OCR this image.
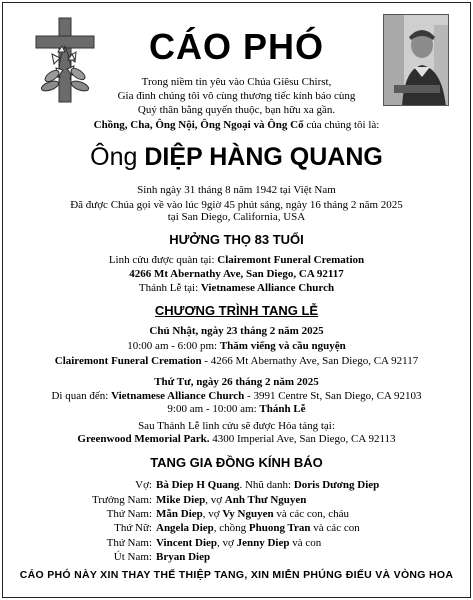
CÁO PHÓ
Trong niềm tin yêu vào Chúa Giêsu Chirst,
Gia đình chúng tôi vô cùng thương tiếc kính báo cùng
Quý thân bằng quyến thuộc, bạn hữu xa gần.
Chồng, Cha, Ông Nội, Ông Ngoại và Ông Cố của chúng tôi là:
Ông DIỆP HÀNG QUANG
Sinh ngày 31 tháng 8 năm 1942 tại Việt Nam
Đã được Chúa gọi về vào lúc 9giờ 45 phút sáng, ngày 16 tháng 2 năm 2025
tại San Diego, California, USA
HƯỞNG THỌ 83 TUỔI
Linh cửu được quàn tại: Clairemont Funeral Cremation
4266 Mt Abernathy Ave, San Diego, CA 92117
Thánh Lễ tại: Vietnamese Alliance Church
CHƯƠNG TRÌNH TANG LỄ
Chủ Nhật, ngày 23 tháng 2 năm 2025
10:00 am - 6:00 pm: Thăm viếng và cầu nguyện
Clairemont Funeral Cremation - 4266 Mt Abernathy Ave, San Diego, CA 92117
Thứ Tư, ngày 26 tháng 2 năm 2025
Di quan đến: Vietnamese Alliance Church - 3991 Centre St, San Diego, CA 92103
9:00 am - 10:00 am: Thánh Lễ
Sau Thánh Lễ linh cửu sẽ được Hỏa táng tại:
Greenwood Memorial Park. 4300 Imperial Ave, San Diego, CA 92113
TANG GIA ĐỒNG KÍNH BÁO
Vợ: Bà Diep H Quang. Nhũ danh: Doris Dương Diep
Trưởng Nam: Mike Diep, vợ Anh Thư Nguyen
Thứ Nam: Mẫn Diep, vợ Vy Nguyen và các con, cháu
Thứ Nữ: Angela Diep, chồng Phuong Tran và các con
Thứ Nam: Vincent Diep, vợ Jenny Diep và con
Út Nam: Bryan Diep
CÁO PHÓ NÀY XIN THAY THẾ THIỆP TANG, XIN MIỄN PHÚNG ĐIẾU VÀ VÒNG HOA
